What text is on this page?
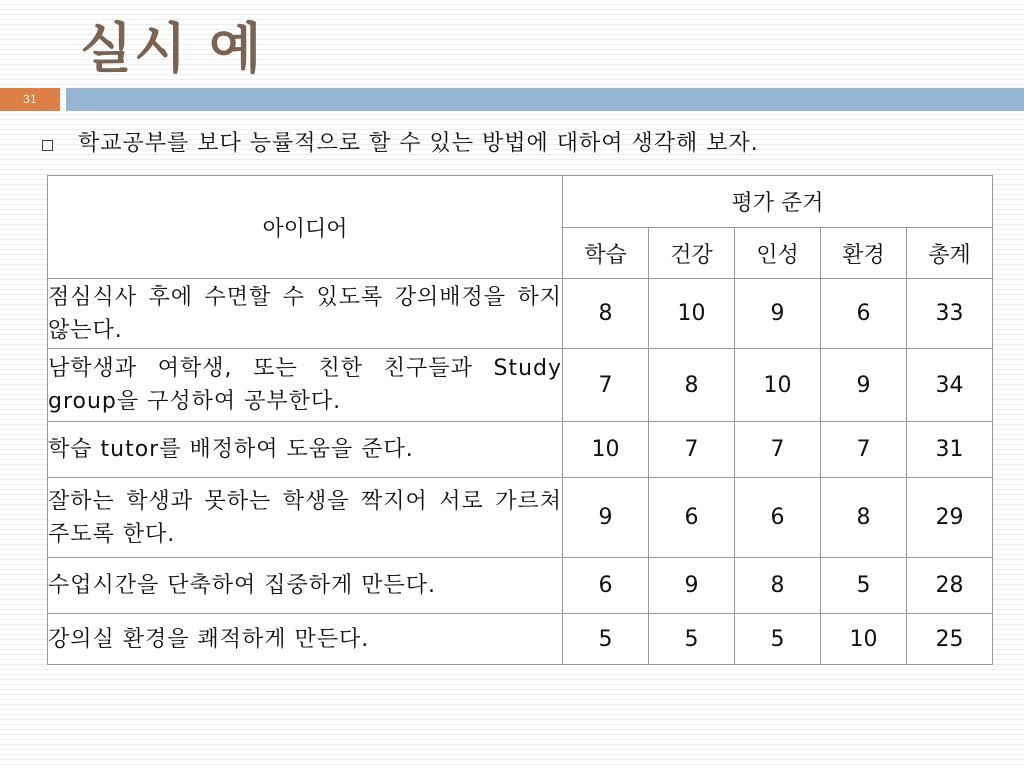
실시 예
31
학교공부를 보다 능률적으로 할 수 있는 방법에 대하여 생각해 보자.
아이디어	평가 준거				
	학습	건강	인성	환경	총계
점심식사 후에 수면할 수 있도록 강의배정을 하지 않는다.	8	10	9	6	33
남학생과 여학생, 또는 친한 친구들과 Study group을 구성하여 공부한다.	7	8	10	9	34
학습 tutor를 배정하여 도움을 준다.	10	7	7	7	31
잘하는 학생과 못하는 학생을 짝지어 서로 가르쳐 주도록 한다.	9	6	6	8	29
수업시간을 단축하여 집중하게 만든다.	6	9	8	5	28
강의실 환경을 쾌적하게 만든다.	5	5	5	10	25
